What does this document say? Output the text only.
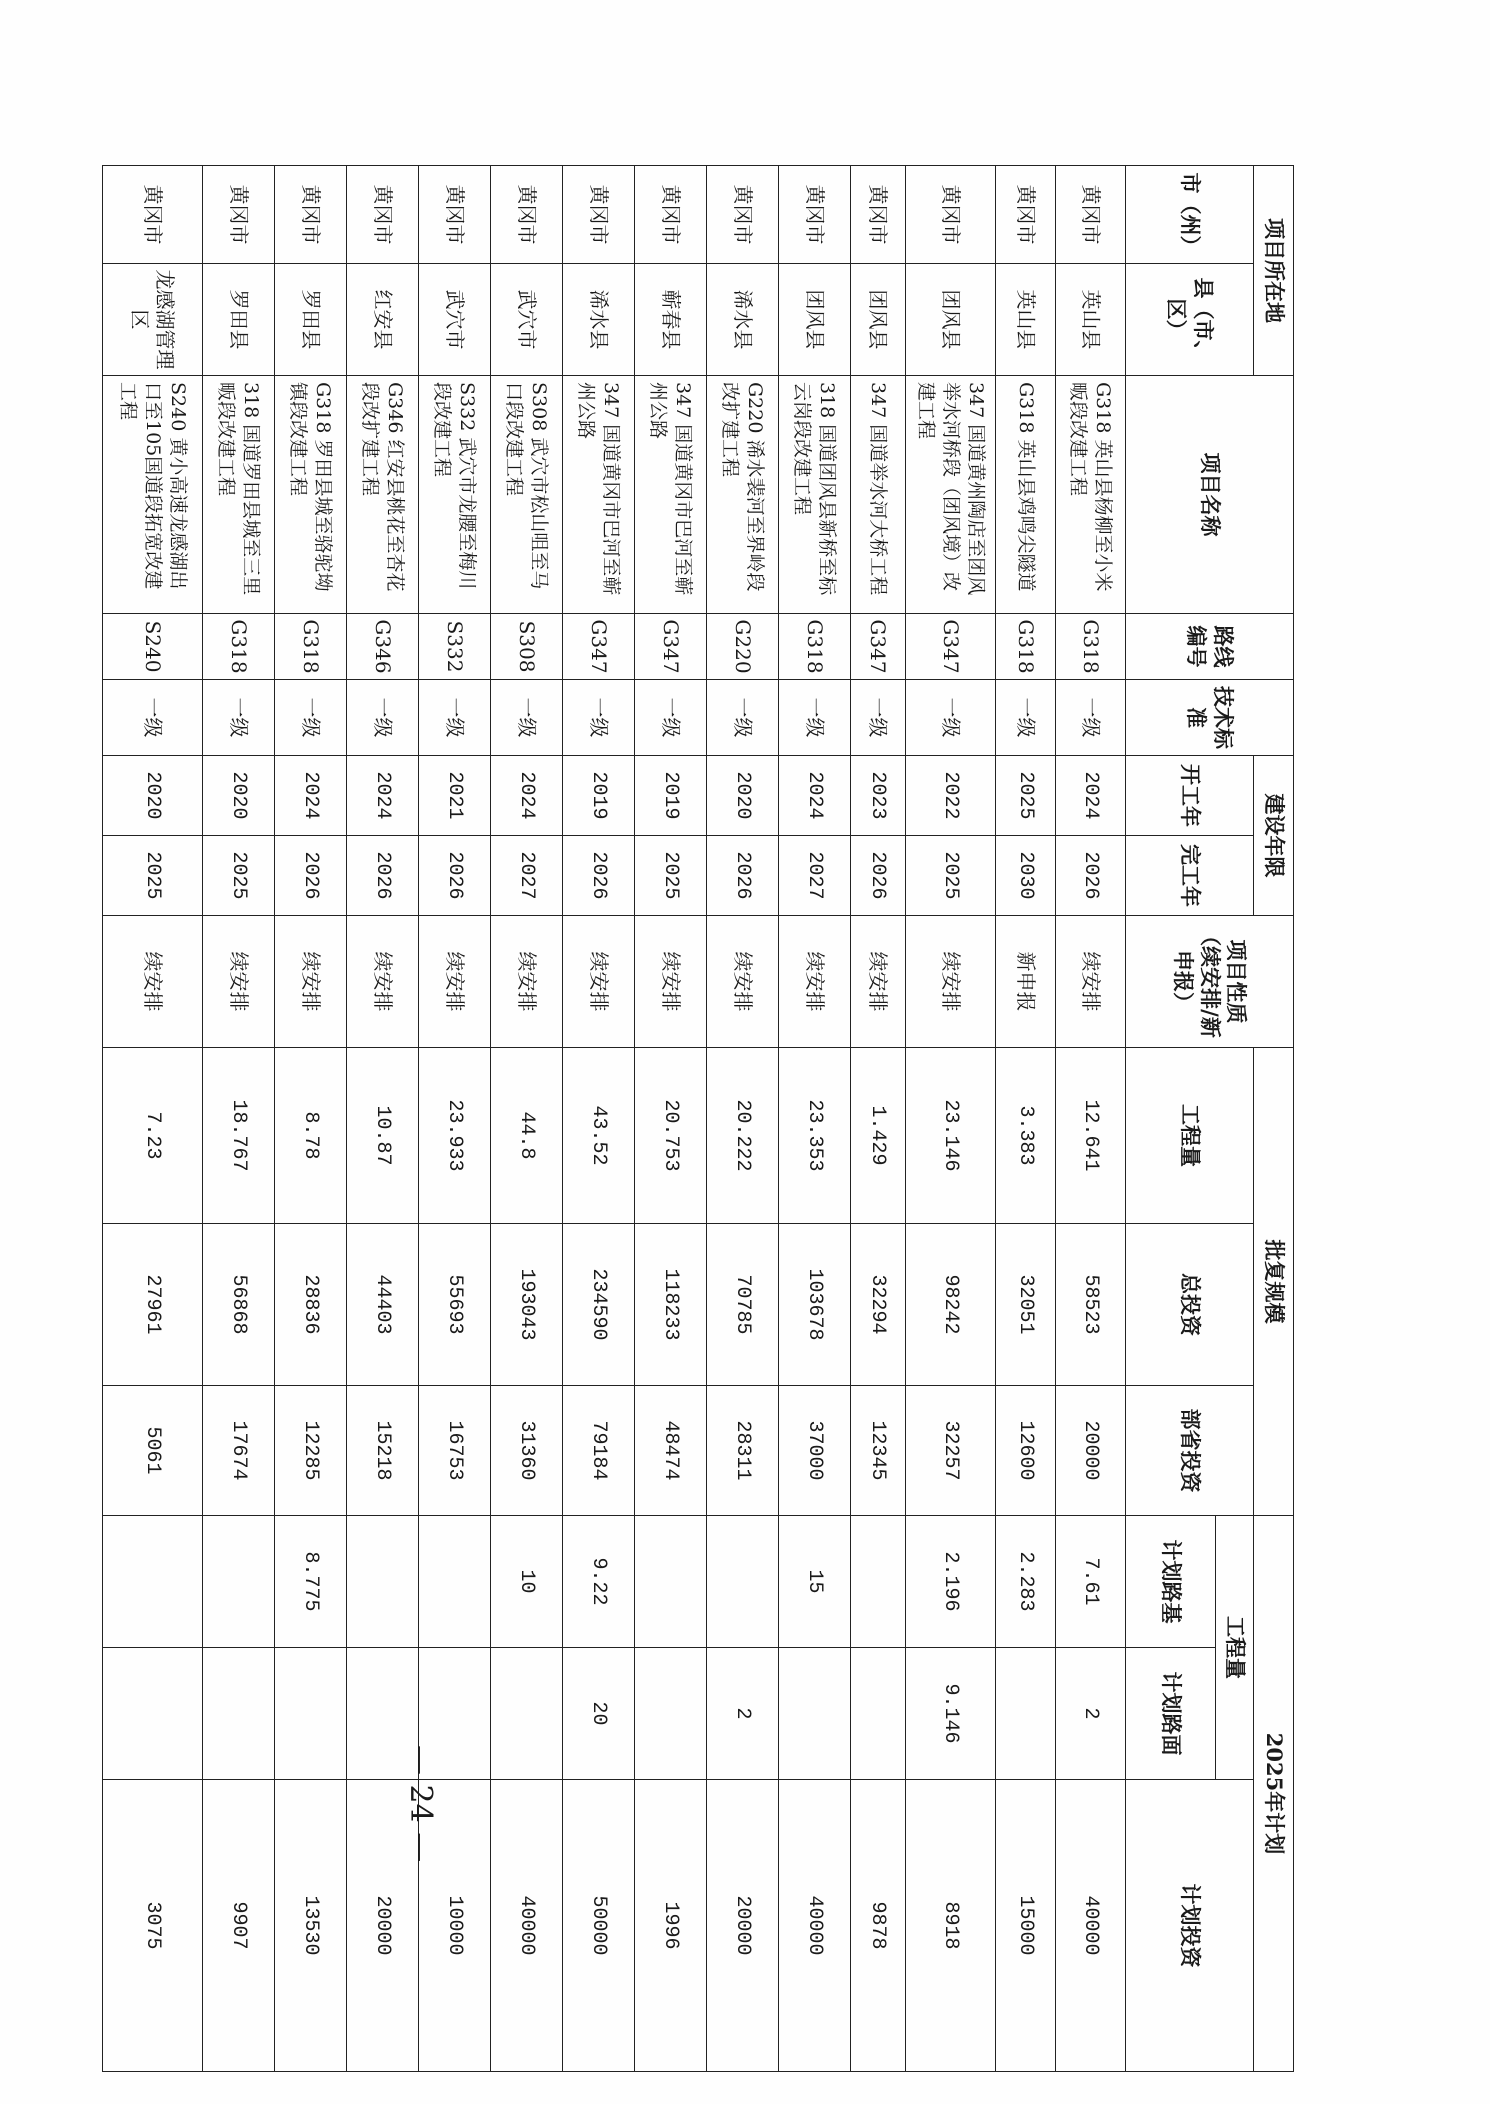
项目所在地		项目名称	路线编号	技术标准	建设年限		项目性质（续安排/新申报）	批复规模			2025年计划		
市（州）	县（市、区）				开工年	完工年		工程量	总投资	部省投资	工程量		计划投资
											计划路基	计划路面	
黄冈市	英山县	G318 英山县杨柳至小米畈段改建工程	G318	一级	2024	2026	续安排	12.641	58523	20000	7.61	2	40000
黄冈市	英山县	G318 英山县鸡鸣尖隧道	G318	一级	2025	2030	新申报	3.383	32051	12600	2.283		15000
黄冈市	团风县	347 国道黄州陶店至团风举水河桥段（团风境）改建工程	G347	一级	2022	2025	续安排	23.146	98242	32257	2.196	9.146	8918
黄冈市	团风县	347 国道举水河大桥工程	G347	一级	2023	2026	续安排	1.429	32294	12345			9878
黄冈市	团风县	318 国道团风县新桥至标云岗段改建工程	G318	一级	2024	2027	续安排	23.353	103678	37000	15		40000
黄冈市	浠水县	G220 浠水裴河至界岭段改扩建工程	G220	一级	2020	2026	续安排	20.222	70785	28311		2	20000
黄冈市	蕲春县	347 国道黄冈市巴河至蕲州公路	G347	一级	2019	2025	续安排	20.753	118233	48474			1996
黄冈市	浠水县	347 国道黄冈市巴河至蕲州公路	G347	一级	2019	2026	续安排	43.52	234590	79184	9.22	20	50000
黄冈市	武穴市	S308 武穴市松山咀至马口段改建工程	S308	一级	2024	2027	续安排	44.8	193043	31360	10		40000
黄冈市	武穴市	S332 武穴市龙腰至梅川段改建工程	S332	一级	2021	2026	续安排	23.933	55693	16753			10000
黄冈市	红安县	G346 红安县桃花至杏花段改扩建工程	G346	一级	2024	2026	续安排	10.87	44403	15218			20000
黄冈市	罗田县	G318 罗田县城至骆驼坳镇段改建工程	G318	一级	2024	2026	续安排	8.78	28836	12285	8.775		13530
黄冈市	罗田县	318 国道罗田县城至三里畈段改建工程	G318	一级	2020	2025	续安排	18.767	56868	17674			9907
黄冈市	龙感湖管理区	S240 黄小高速龙感湖出口至105国道段拓宽改建工程	S240	一级	2020	2025	续安排	7.23	27961	5061			3075
— 24 —
